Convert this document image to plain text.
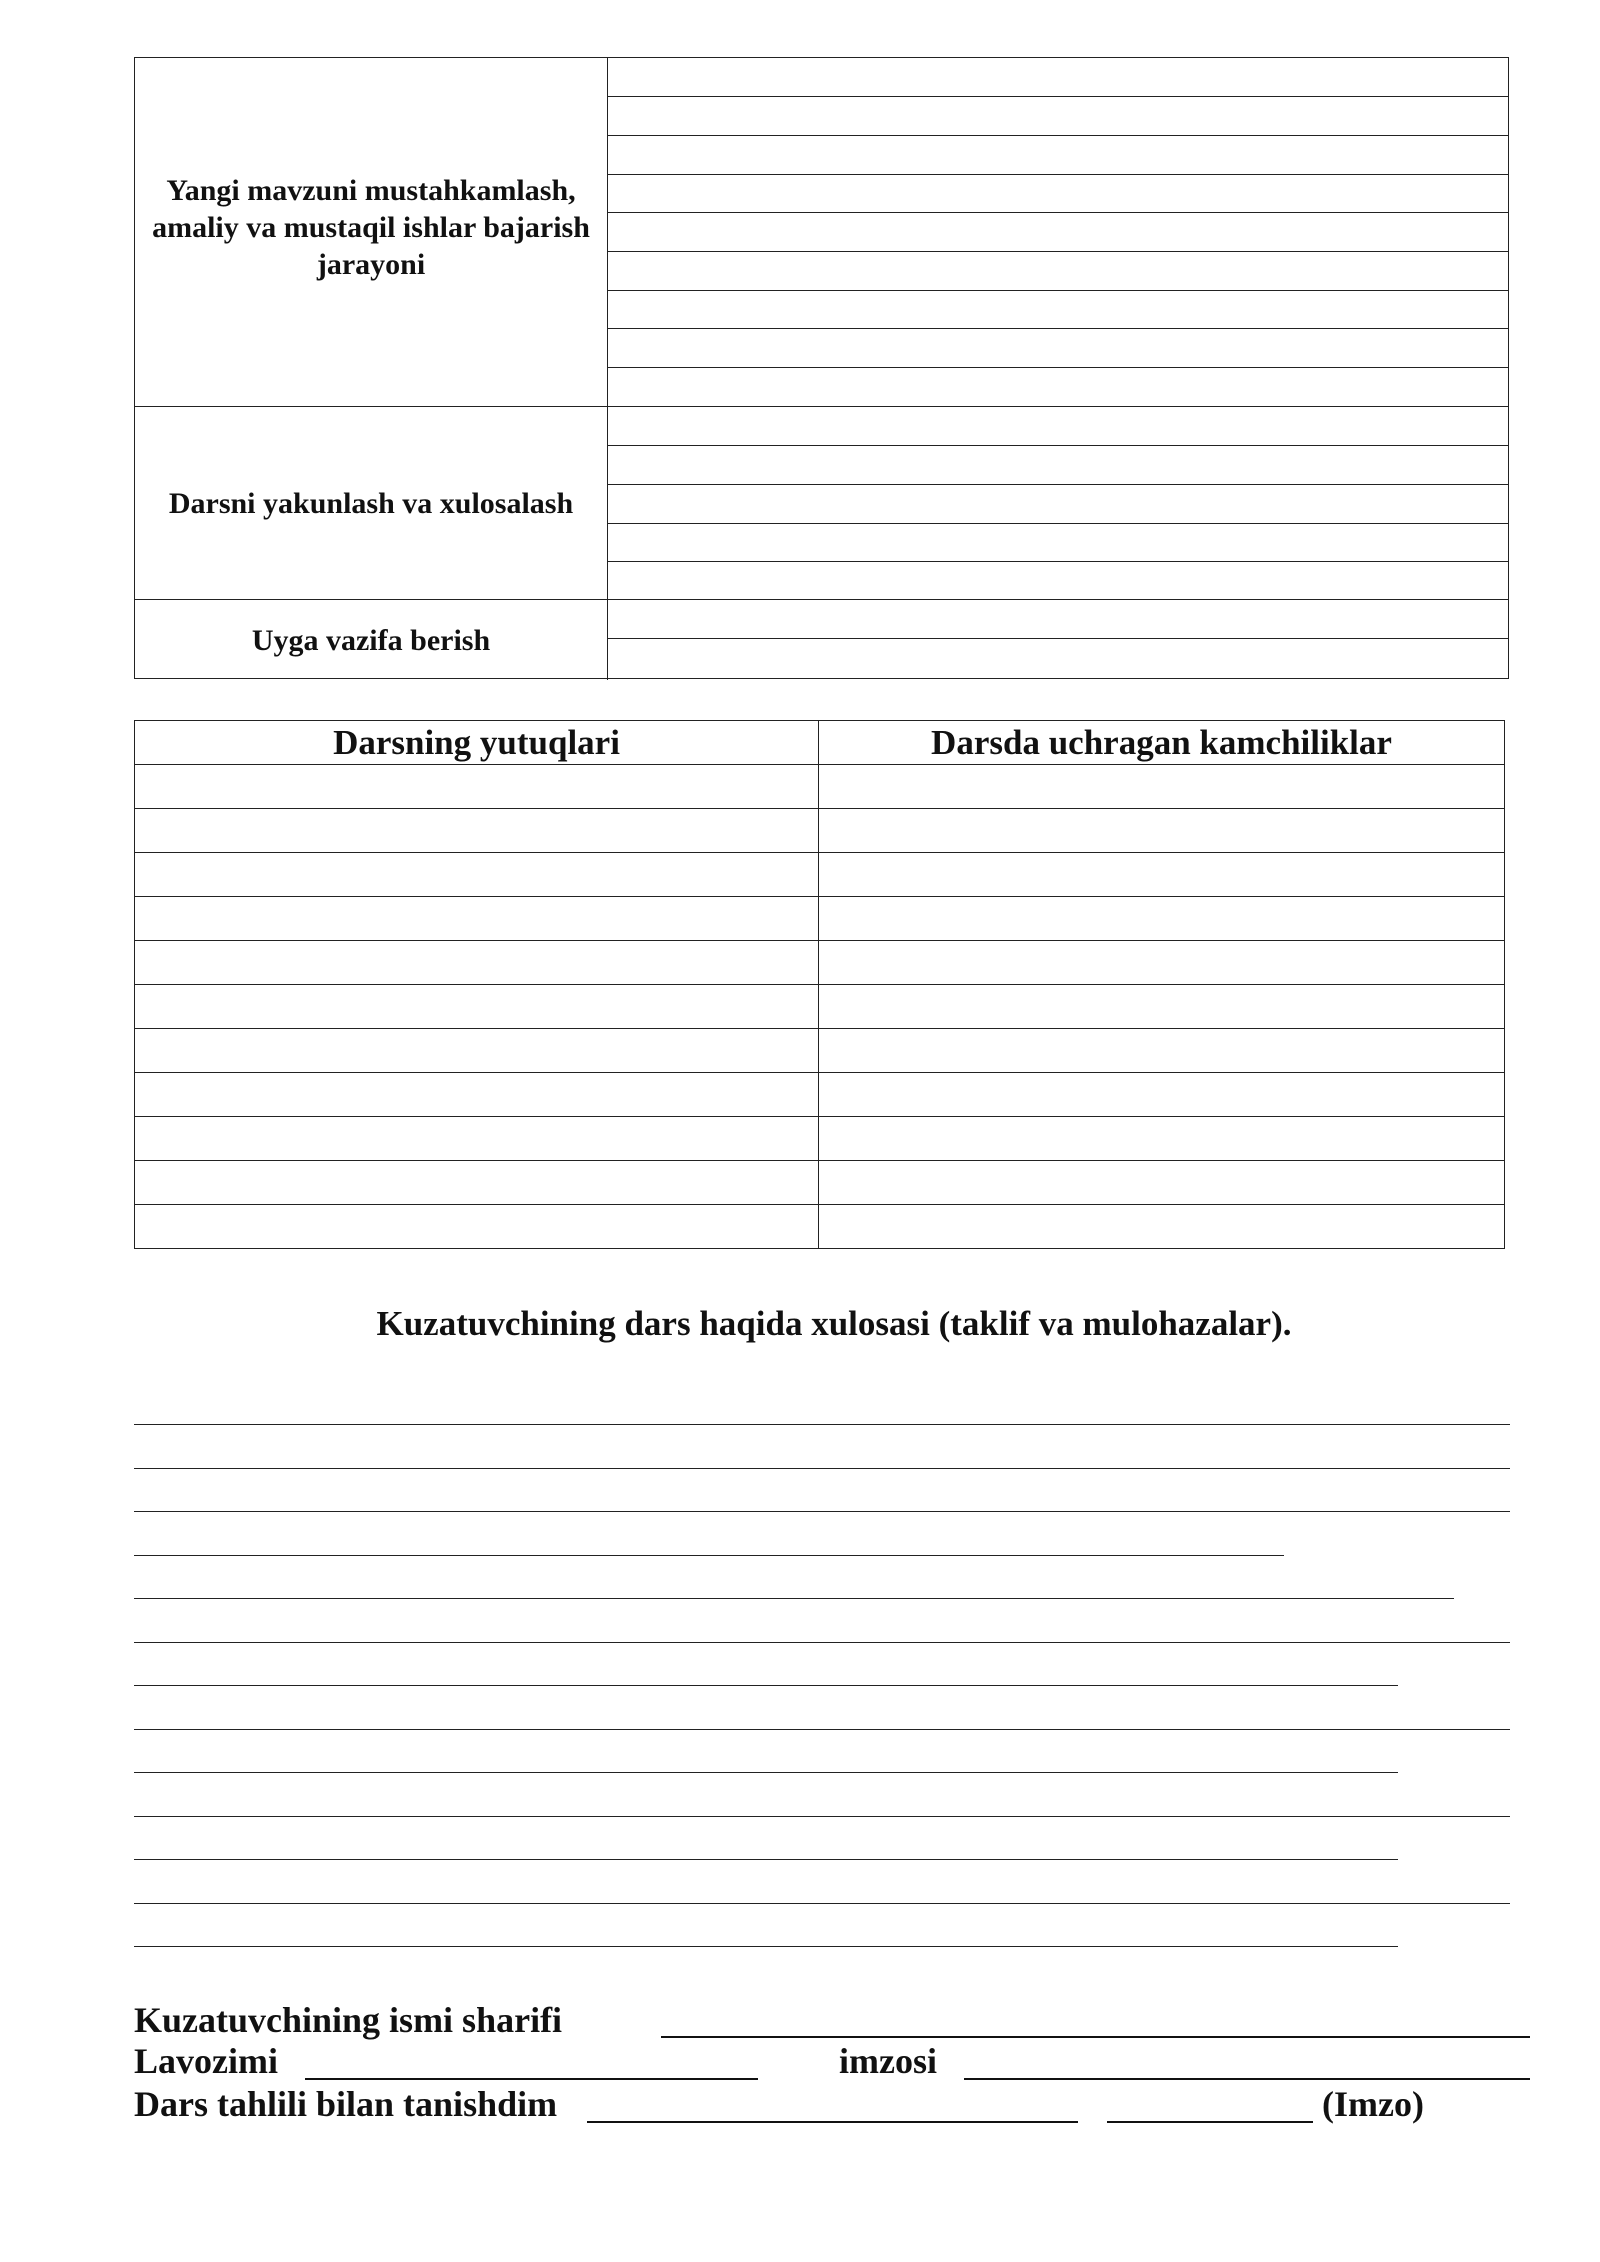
Yangi mavzuni mustahkamlash, amaliy va mustaqil ishlar bajarish jarayoni
Darsni yakunlash va xulosalash
Uyga vazifa berish
Darsning yutuqlari	Darsda uchragan kamchiliklar

Kuzatuvchining dars haqida xulosasi (taklif va mulohazalar).
Kuzatuvchining ismi sharifi
Lavozimi	imzosi
Dars tahlili bilan tanishdim	(Imzo)
